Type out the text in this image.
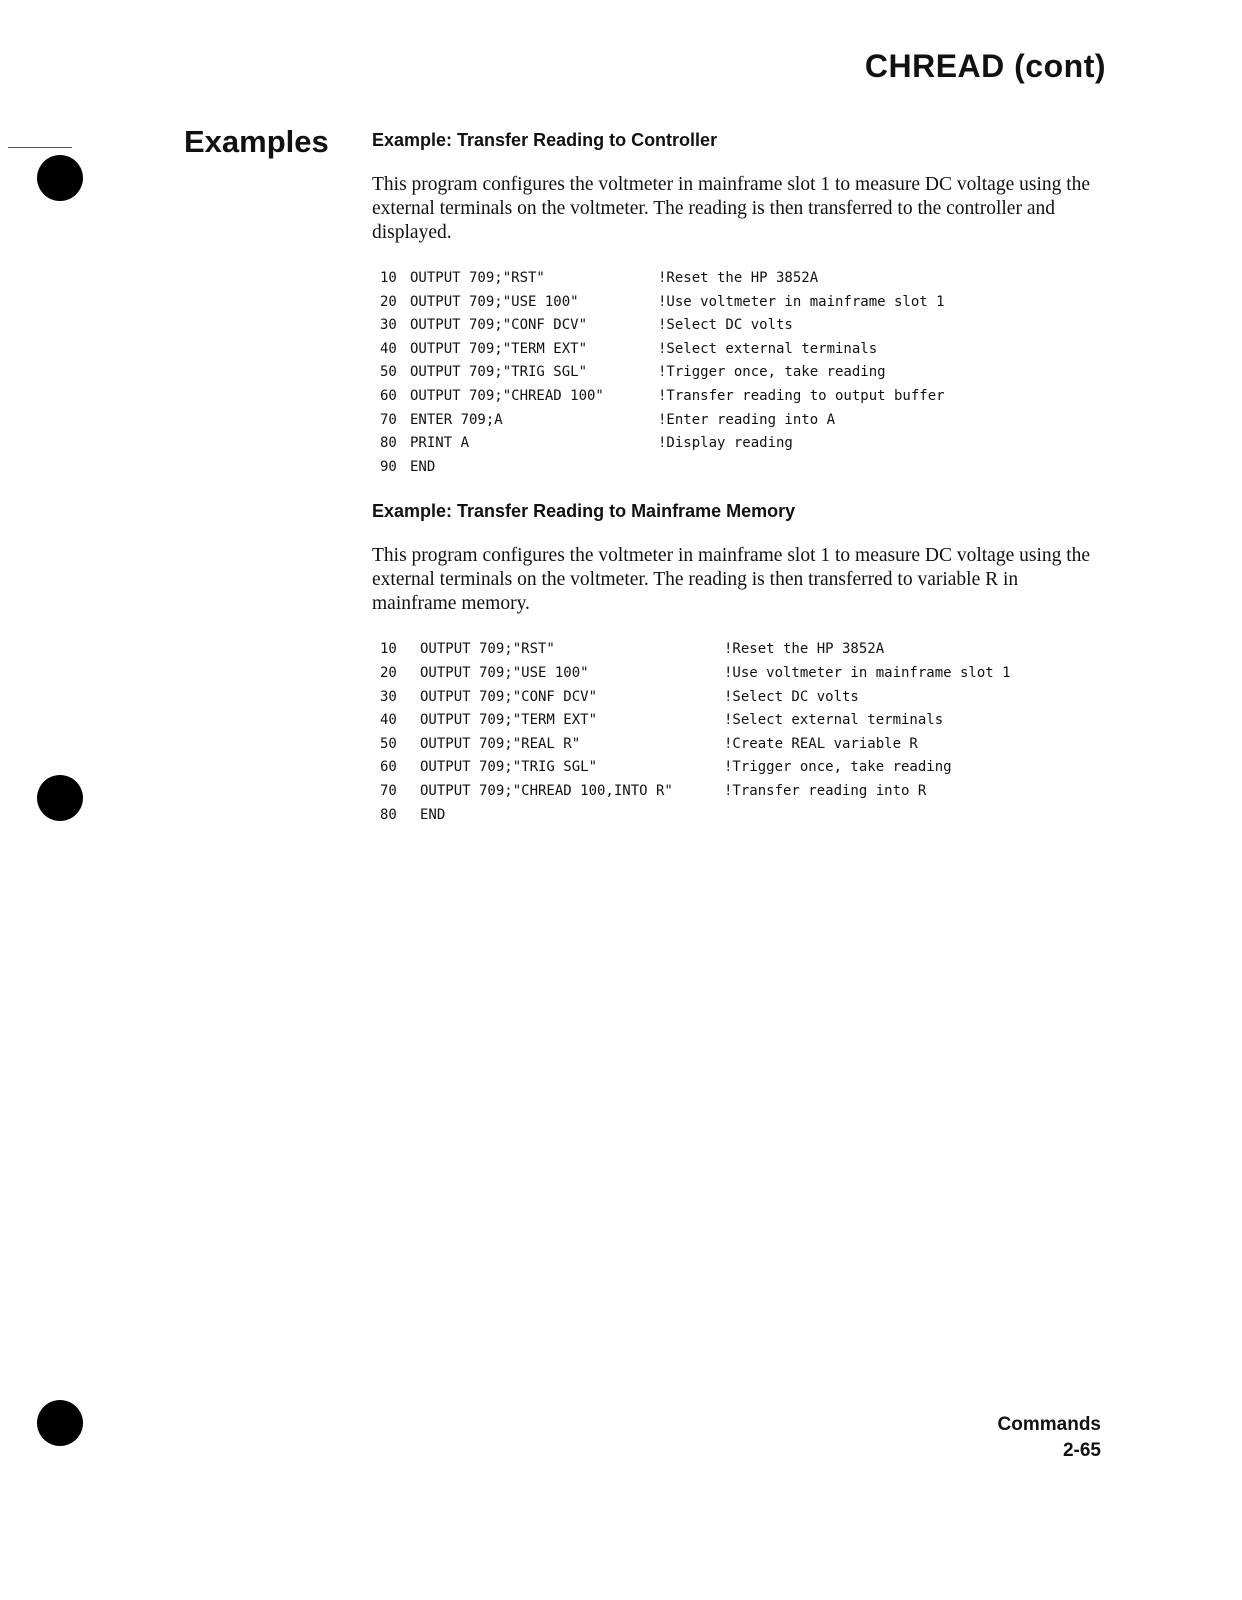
CHREAD (cont)
Examples Example: Transfer Reading to Controller
This program configures the voltmeter in mainframe slot 1 to measure DC voltage using the external terminals on the voltmeter. The reading is then transferred to the controller and displayed.
10 OUTPUT 709;"RST"	!Reset the HP 3852A
20 OUTPUT 709;"USE 100"	!Use voltmeter in mainframe slot 1
30 OUTPUT 709;"CONF DCV"	!Select DC volts
40 OUTPUT 709;"TERM EXT"	!Select external terminals
50 OUTPUT 709;"TRIG SGL"	!Trigger once, take reading
60 OUTPUT 709;"CHREAD 100"	!Transfer reading to output buffer
70 ENTER 709;A	!Enter reading into A
80 PRINT A	!Display reading
90 END
Example: Transfer Reading to Mainframe Memory
This program configures the voltmeter in mainframe slot 1 to measure DC voltage using the external terminals on the voltmeter. The reading is then transferred to variable R in mainframe memory.
10	OUTPUT 709;"RST"	!Reset the HP 3852A
20	OUTPUT 709;"USE 100"	!Use voltmeter in mainframe slot 1
30	OUTPUT 709;"CONF DCV"	!Select DC volts
40	OUTPUT 709;"TERM EXT"	!Select external terminals
50	OUTPUT 709;"REAL R"	!Create REAL variable R
60	OUTPUT 709;"TRIG SGL"	!Trigger once, take reading
70	OUTPUT 709;"CHREAD 100,INTO R"	!Transfer reading into R
80	END
Commands
2-65
